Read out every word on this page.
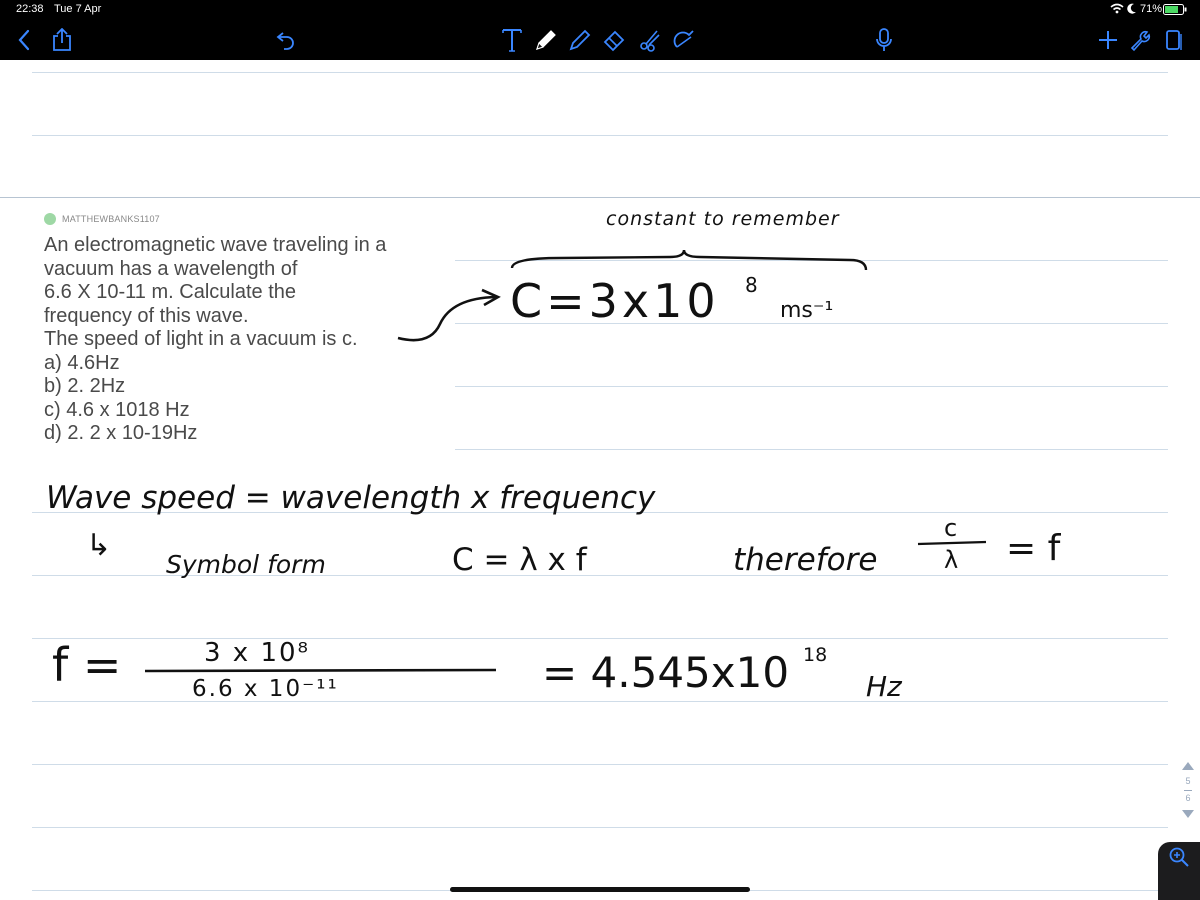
22:38 Tue 7 Apr	71%
MATTHEWBANKS1107
An electromagnetic wave traveling in a
vacuum has a wavelength of
6.6 X 10-11 m. Calculate the
frequency of this wave.
The speed of light in a vacuum is c.
a) 4.6Hz
b) 2. 2Hz
c) 4.6 x 1018 Hz
d) 2. 2 x 10-19Hz
constant to remember
C=3x10 8
ms⁻¹
Wave speed = wavelength x frequency
↳
Symbol form	C = λ x f	therefore
c
λ = f
f =	3 x 10⁸
6.6 x 10⁻¹¹	= 4.545x10 18
Hz
5
6
